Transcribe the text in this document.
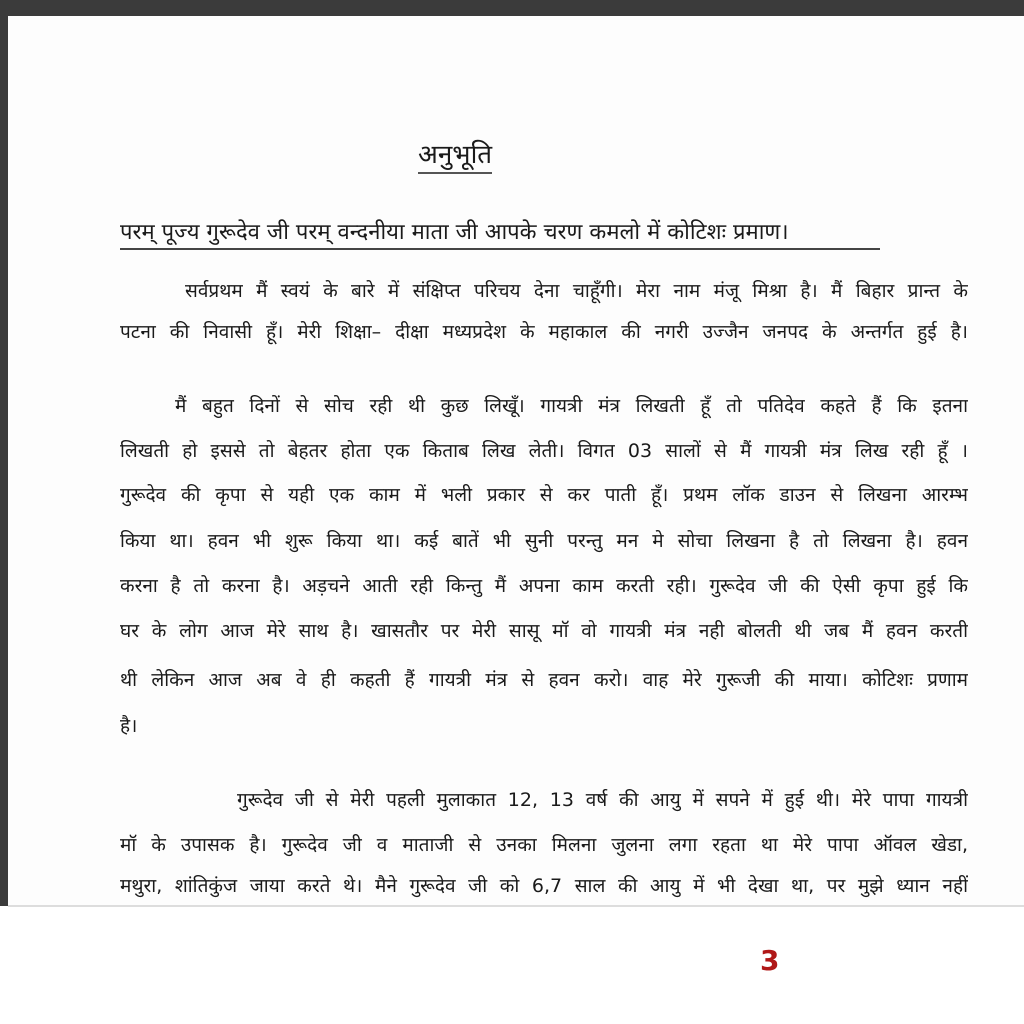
अनुभूति
परम् पूज्य गुरूदेव जी परम् वन्दनीया माता जी आपके चरण कमलो में कोटिशः प्रमाण।
सर्वप्रथम मैं स्वयं के बारे में संक्षिप्त परिचय देना चाहूँगी। मेरा नाम मंजू मिश्रा है। मैं बिहार प्रान्त के
पटना की निवासी हूँ। मेरी शिक्षा– दीक्षा मध्यप्रदेश के महाकाल की नगरी उज्जैन जनपद के अन्तर्गत हुई है।
मैं बहुत दिनों से सोच रही थी कुछ लिखूँ। गायत्री मंत्र लिखती हूँ तो पतिदेव कहते हैं कि इतना
लिखती हो इससे तो बेहतर होता एक किताब लिख लेती। विगत 03 सालों से मैं गायत्री मंत्र लिख रही हूँ ।
गुरूदेव की कृपा से यही एक काम में भली प्रकार से कर पाती हूँ। प्रथम लॉक डाउन से लिखना आरम्भ
किया था। हवन भी शुरू किया था। कई बातें भी सुनी परन्तु मन मे सोचा लिखना है तो लिखना है। हवन
करना है तो करना है। अड़चने आती रही किन्तु मैं अपना काम करती रही। गुरूदेव जी की ऐसी कृपा हुई कि
घर के लोग आज मेरे साथ है। खासतौर पर मेरी सासू मॉ वो गायत्री मंत्र नही बोलती थी जब मैं हवन करती
थी लेकिन आज अब वे ही कहती हैं गायत्री मंत्र से हवन करो। वाह मेरे गुरूजी की माया। कोटिशः प्रणाम
है।
गुरूदेव जी से मेरी पहली मुलाकात 12, 13 वर्ष की आयु में सपने में हुई थी। मेरे पापा गायत्री
मॉ के उपासक है। गुरूदेव जी व माताजी से उनका मिलना जुलना लगा रहता था मेरे पापा ऑवल खेडा,
मथुरा, शांतिकुंज जाया करते थे। मैने गुरूदेव जी को 6,7 साल की आयु में भी देखा था, पर मुझे ध्यान नहीं
3
